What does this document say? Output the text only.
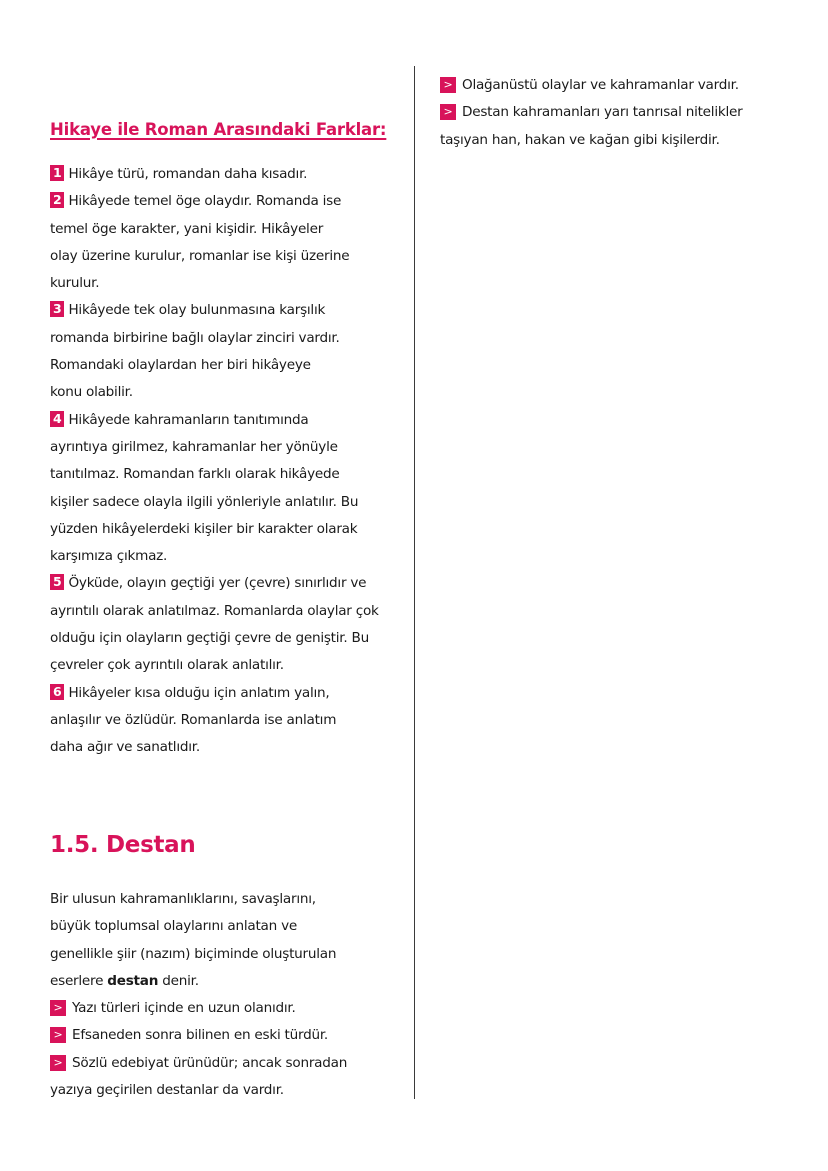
Hikaye ile Roman Arasındaki Farklar:

1 Hikâye türü, romandan daha kısadır.

2 Hikâyede temel öge olaydır. Romanda ise
temel öge karakter, yani kişidir. Hikâyeler
olay üzerine kurulur, romanlar ise kişi üzerine
kurulur.

3 Hikâyede tek olay bulunmasına karşılık
romanda birbirine bağlı olaylar zinciri vardır.
Romandaki olaylardan her biri hikâyeye
konu olabilir.

4 Hikâyede kahramanların tanıtımında
ayrıntıya girilmez, kahramanlar her yönüyle
tanıtılmaz. Romandan farklı olarak hikâyede
kişiler sadece olayla ilgili yönleriyle anlatılır. Bu
yüzden hikâyelerdeki kişiler bir karakter olarak
karşımıza çıkmaz.

5 Öyküde, olayın geçtiği yer (çevre) sınırlıdır ve
ayrıntılı olarak anlatılmaz. Romanlarda olaylar çok
olduğu için olayların geçtiği çevre de geniştir. Bu
çevreler çok ayrıntılı olarak anlatılır.

6 Hikâyeler kısa olduğu için anlatım yalın,
anlaşılır ve özlüdür. Romanlarda ise anlatım
daha ağır ve sanatlıdır.

1.5. Destan

Bir ulusun kahramanlıklarını, savaşlarını,
büyük toplumsal olaylarını anlatan ve
genellikle şiir (nazım) biçiminde oluşturulan
eserlere destan denir.

> Yazı türleri içinde en uzun olanıdır.

> Efsaneden sonra bilinen en eski türdür.

> Sözlü edebiyat ürünüdür; ancak sonradan
yazıya geçirilen destanlar da vardır.

> Olağanüstü olaylar ve kahramanlar vardır.

> Destan kahramanları yarı tanrısal nitelikler
taşıyan han, hakan ve kağan gibi kişilerdir.
